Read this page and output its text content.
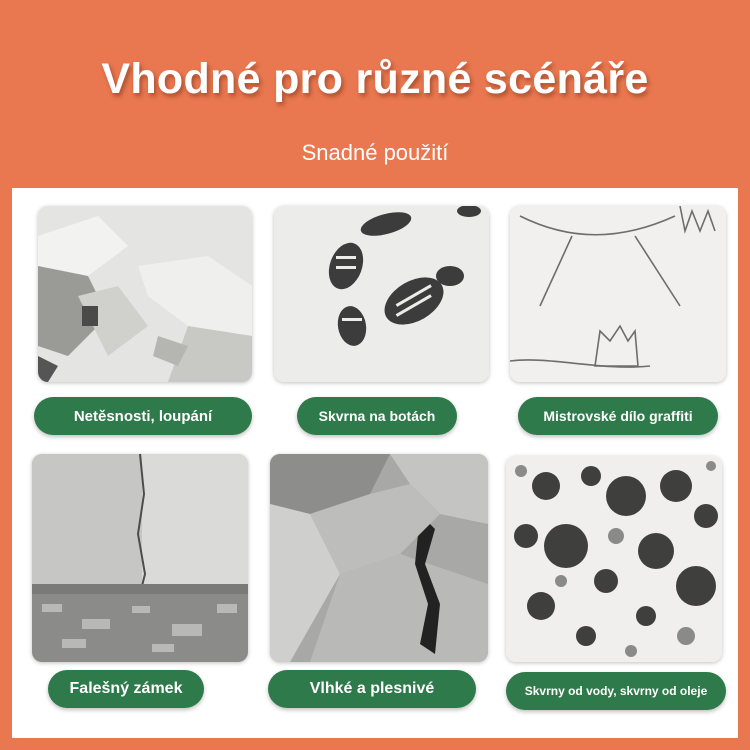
Vhodné pro různé scénáře
Snadné použití
Netěsnosti, loupání	Skvrna na botách	Mistrovské dílo graffiti
Falešný zámek	Vlhké a plesnivé	Skvrny od vody, skvrny od oleje
